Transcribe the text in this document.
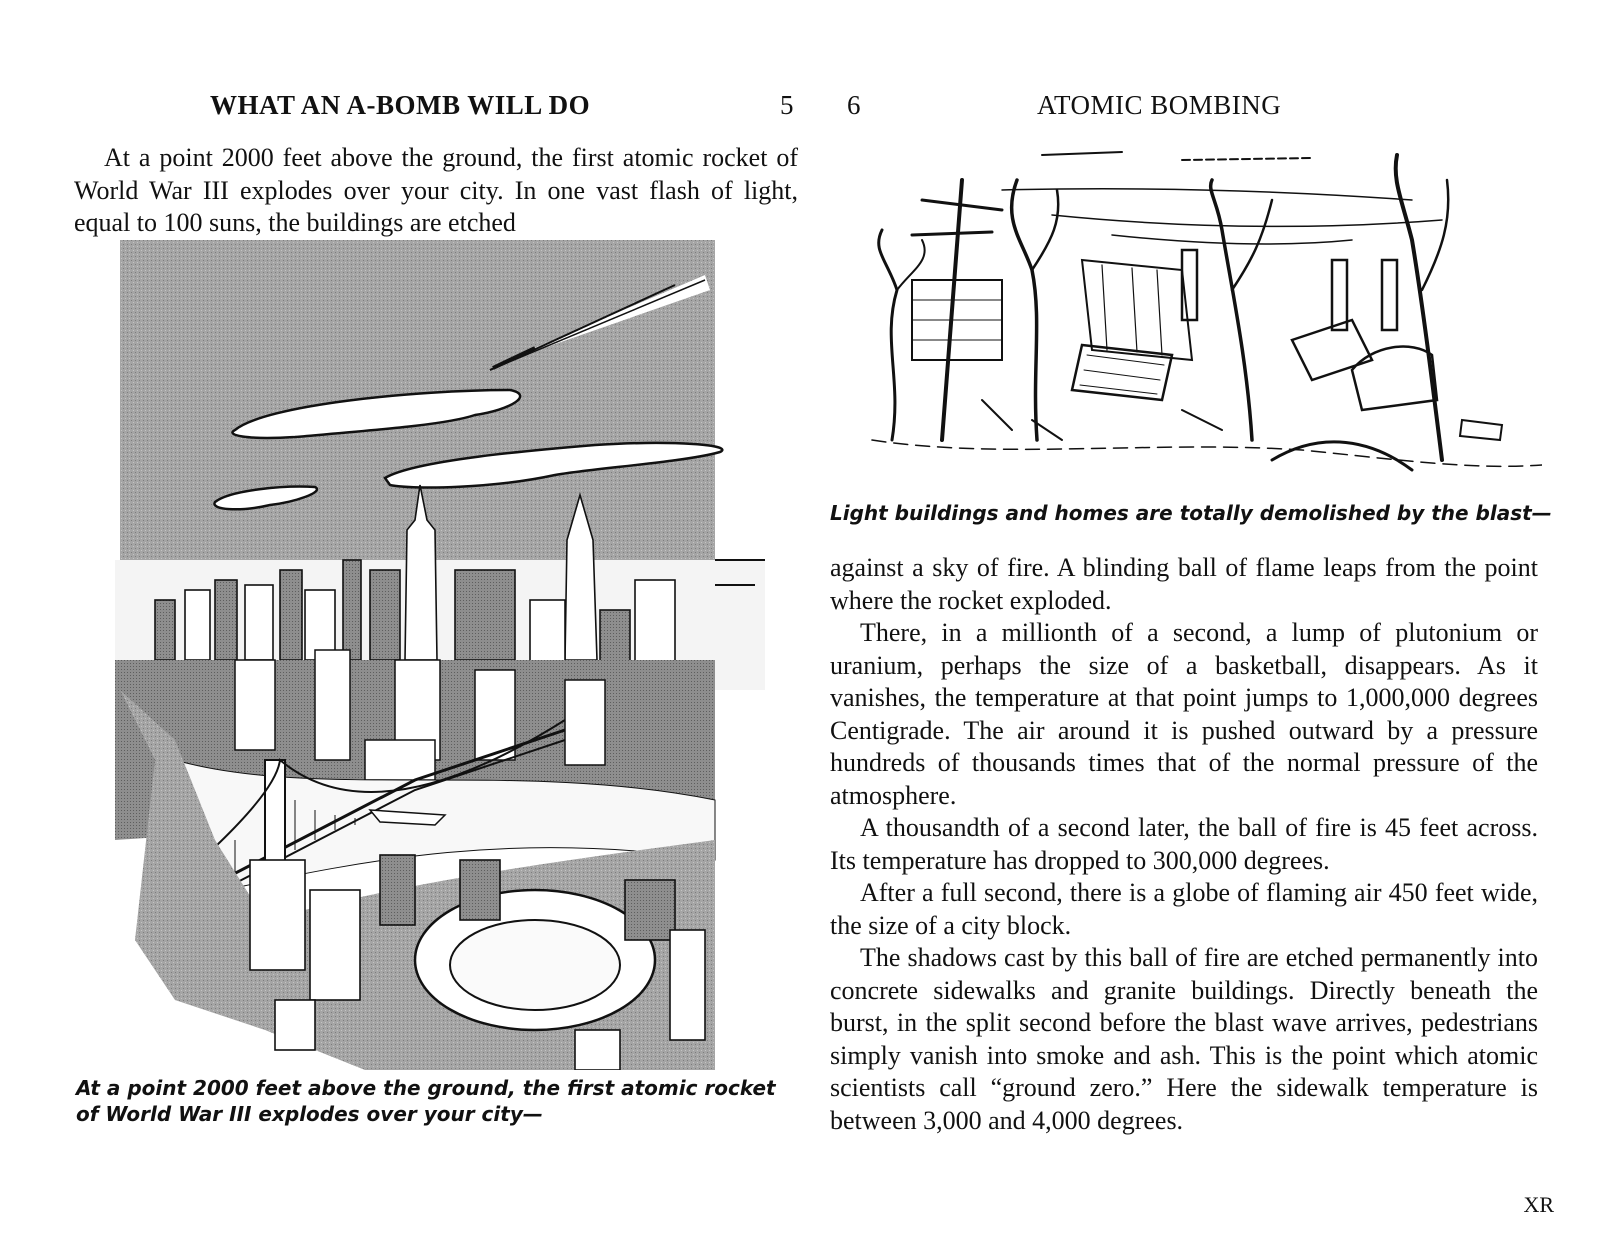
WHAT AN A-BOMB WILL DO	5

At a point 2000 feet above the ground, the first atomic rocket of World War III explodes over your city. In one vast flash of light, equal to 100 suns, the buildings are etched

At a point 2000 feet above the ground, the first atomic rocket of World War III explodes over your city—
6	ATOMIC BOMBING
Light buildings and homes are totally demolished by the blast—

against a sky of fire. A blinding ball of flame leaps from the point where the rocket exploded.

There, in a millionth of a second, a lump of plutonium or uranium, perhaps the size of a basketball, disappears. As it vanishes, the temperature at that point jumps to 1,000,000 degrees Centigrade. The air around it is pushed outward by a pressure hundreds of thousands times that of the normal pressure of the atmosphere.

A thousandth of a second later, the ball of fire is 45 feet across. Its temperature has dropped to 300,000 degrees.

After a full second, there is a globe of flaming air 450 feet wide, the size of a city block.

The shadows cast by this ball of fire are etched permanently into concrete sidewalks and granite buildings. Directly beneath the burst, in the split second before the blast wave arrives, pedestrians simply vanish into smoke and ash. This is the point which atomic scientists call “ground zero.” Here the sidewalk temperature is between 3,000 and 4,000 degrees.

XR
